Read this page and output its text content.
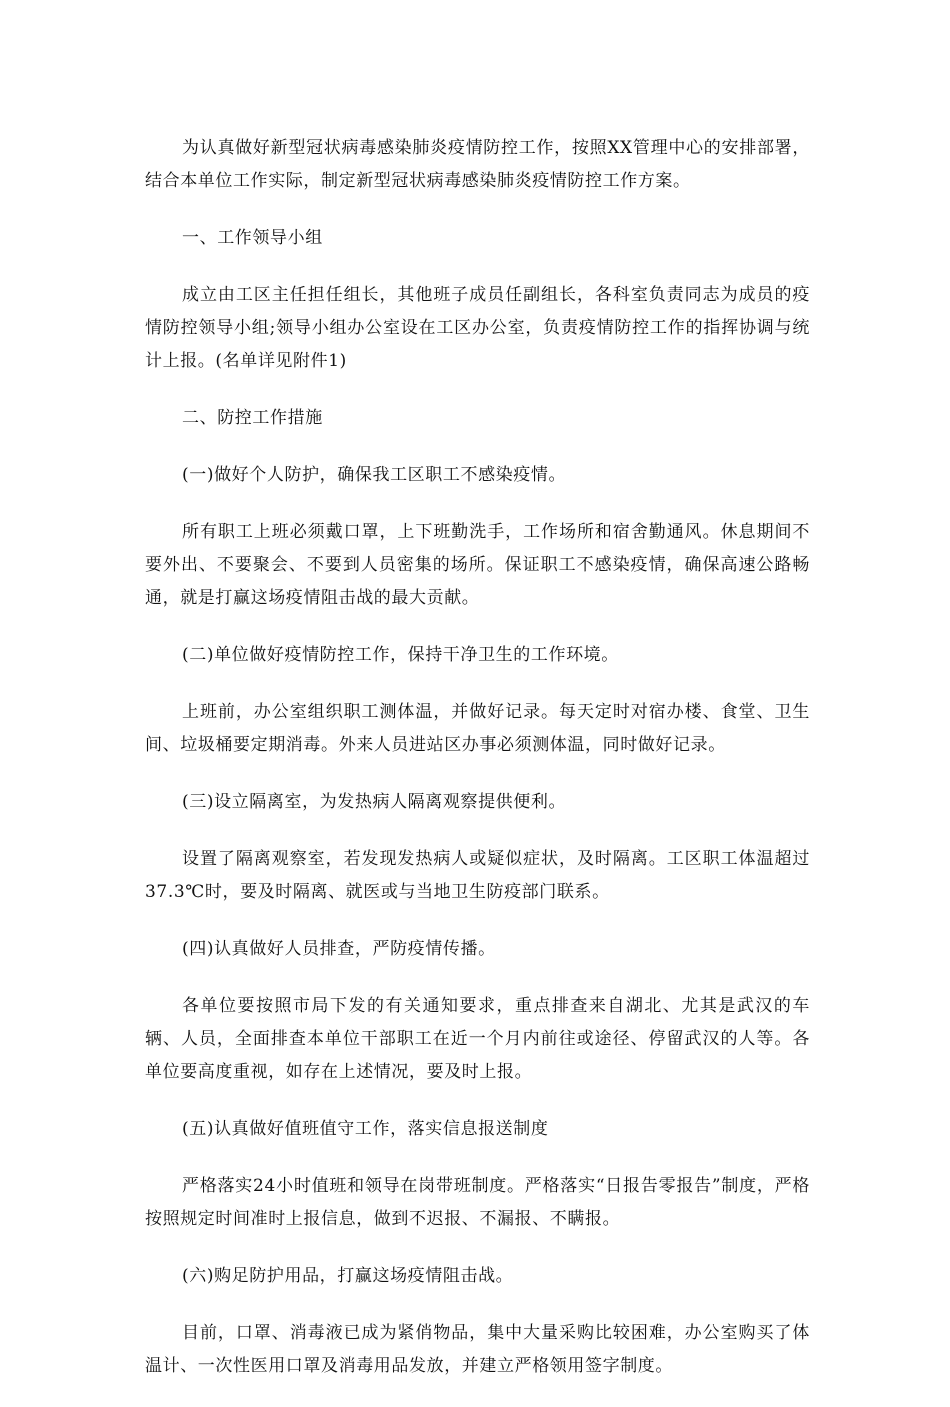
为认真做好新型冠状病毒感染肺炎疫情防控工作，按照XX管理中心的安排部署，结合本单位工作实际，制定新型冠状病毒感染肺炎疫情防控工作方案。

一、工作领导小组

成立由工区主任担任组长，其他班子成员任副组长，各科室负责同志为成员的疫情防控领导小组;领导小组办公室设在工区办公室，负责疫情防控工作的指挥协调与统计上报。(名单详见附件1)

二、防控工作措施

(一)做好个人防护，确保我工区职工不感染疫情。

所有职工上班必须戴口罩，上下班勤洗手，工作场所和宿舍勤通风。休息期间不要外出、不要聚会、不要到人员密集的场所。保证职工不感染疫情，确保高速公路畅通，就是打赢这场疫情阻击战的最大贡献。

(二)单位做好疫情防控工作，保持干净卫生的工作环境。

上班前，办公室组织职工测体温，并做好记录。每天定时对宿办楼、食堂、卫生间、垃圾桶要定期消毒。外来人员进站区办事必须测体温，同时做好记录。

(三)设立隔离室，为发热病人隔离观察提供便利。

设置了隔离观察室，若发现发热病人或疑似症状，及时隔离。工区职工体温超过37.3℃时，要及时隔离、就医或与当地卫生防疫部门联系。

(四)认真做好人员排查，严防疫情传播。

各单位要按照市局下发的有关通知要求，重点排查来自湖北、尤其是武汉的车辆、人员，全面排查本单位干部职工在近一个月内前往或途径、停留武汉的人等。各单位要高度重视，如存在上述情况，要及时上报。

(五)认真做好值班值守工作，落实信息报送制度

严格落实24小时值班和领导在岗带班制度。严格落实“日报告零报告”制度，严格按照规定时间准时上报信息，做到不迟报、不漏报、不瞒报。

(六)购足防护用品，打赢这场疫情阻击战。

目前，口罩、消毒液已成为紧俏物品，集中大量采购比较困难，办公室购买了体温计、一次性医用口罩及消毒用品发放，并建立严格领用签字制度。
